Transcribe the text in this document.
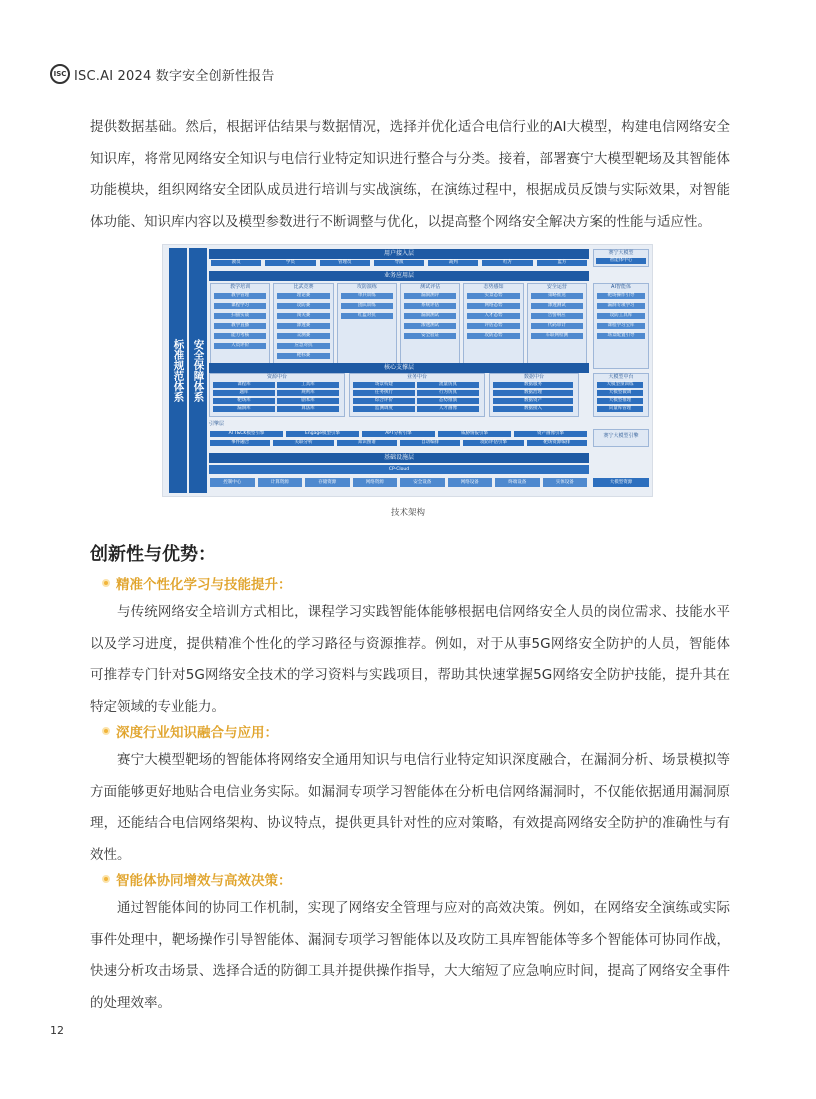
ISC ISC.AI 2024 数字安全创新性报告

提供数据基础。然后，根据评估结果与数据情况，选择并优化适合电信行业的AI大模型，构建电信网络安全知识库，将常见网络安全知识与电信行业特定知识进行整合与分类。接着，部署赛宁大模型靶场及其智能体功能模块，组织网络安全团队成员进行培训与实战演练，在演练过程中，根据成员反馈与实际效果，对智能体功能、知识库内容以及模型参数进行不断调整与优化，以提高整个网络安全解决方案的性能与适应性。

标准规范体系 安全保障体系
用户接入层
教员	学员	管理员	导演	裁判	红方	蓝方
赛宁大模型
智能体中心
业务应用层
教学培训
教学管理
课程学习
扫描实战
教学直播
能力考核
人员评价
比武竞赛
理论赛
攻防赛
闯关赛
渗透赛
众测赛
应急对抗
靶标赛
攻防演练
单兵训练
团队训练
红蓝对抗
测试评估
漏洞测评
系统评估
漏洞测试
渗透测试
安全验证
态势感知
实景态势
网络态势
人才态势
评估态势
攻防态势
安全运营
策略推送
渗透测试
告警响应
代码审计
车联网检测
AI智能体
靶场操作引导
漏洞专项学习
攻防工具库
课程学习宝库
场景配置引导
核心支撑层
资源中台
课程库
题库
靶场库
漏洞库
工具库
规则库
剧本库
算法库
业务中台
场景构建
任务执行
综合评价
监测调度
流量仿真
行为仿真
态势推演
人才画像
数据中台
数据服务
数据治理
数据资产
数据接入
大模型中台
大模型预训练
大模型微调
大模型推理
向量库管理
引擎层
ATT&CK模型引擎	Engage模型引擎	APT分析引擎	威胁情报引擎	资产画像引擎
事件融合	关联分析	知识图谱	自动编排	攻防评估引擎	靶场资源编排
赛宁大模型引擎
基础设施层
CP-Cloud
控制中心	计算资源	存储资源	网络资源	安全设备	网络设备	终端设备	实体设备	大模型资源
技术架构
创新性与优势：
精准个性化学习与技能提升：

与传统网络安全培训方式相比，课程学习实践智能体能够根据电信网络安全人员的岗位需求、技能水平以及学习进度，提供精准个性化的学习路径与资源推荐。例如，对于从事5G网络安全防护的人员，智能体可推荐专门针对5G网络安全技术的学习资料与实践项目，帮助其快速掌握5G网络安全防护技能，提升其在特定领域的专业能力。

深度行业知识融合与应用：

赛宁大模型靶场的智能体将网络安全通用知识与电信行业特定知识深度融合，在漏洞分析、场景模拟等方面能够更好地贴合电信业务实际。如漏洞专项学习智能体在分析电信网络漏洞时，不仅能依据通用漏洞原理，还能结合电信网络架构、协议特点，提供更具针对性的应对策略，有效提高网络安全防护的准确性与有效性。

智能体协同增效与高效决策：

通过智能体间的协同工作机制，实现了网络安全管理与应对的高效决策。例如，在网络安全演练或实际事件处理中，靶场操作引导智能体、漏洞专项学习智能体以及攻防工具库智能体等多个智能体可协同作战，快速分析攻击场景、选择合适的防御工具并提供操作指导，大大缩短了应急响应时间，提高了网络安全事件的处理效率。

12
